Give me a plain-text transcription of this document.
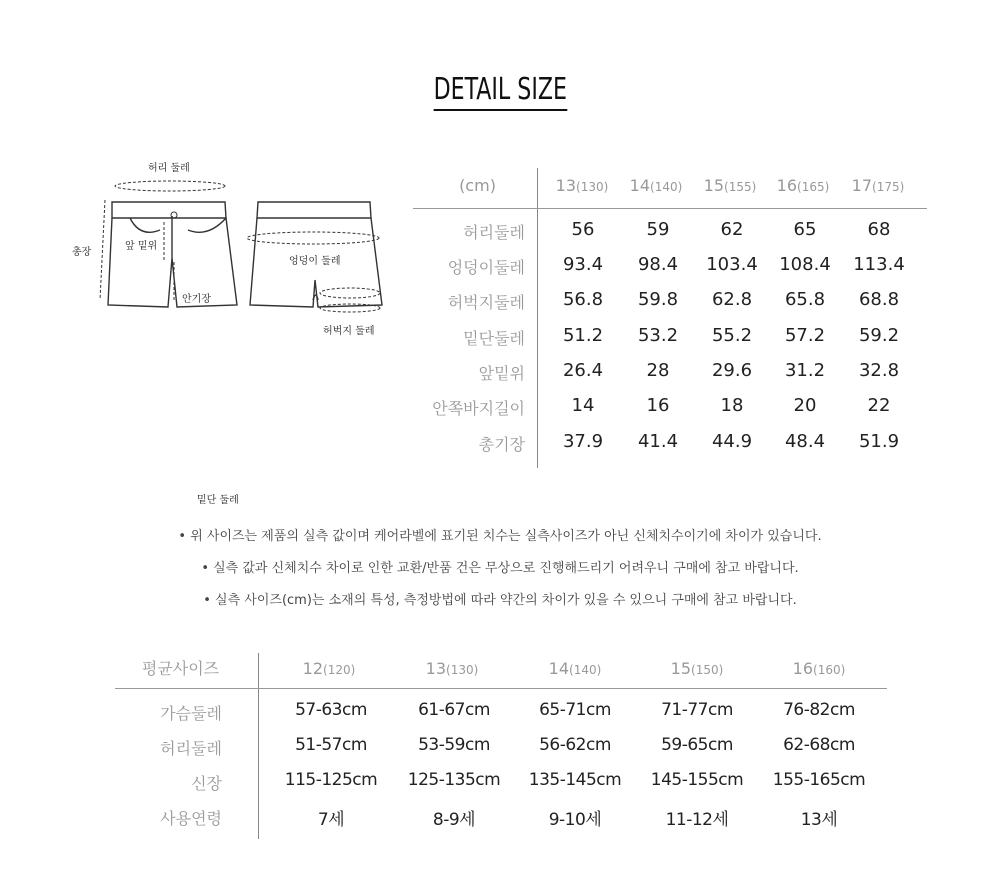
DETAIL SIZE
허리 둘레
총장
앞 밑위
안기장
엉덩이 둘레
허벅지 둘레
(cm)	13(130)	14(140)	15(155)	16(165)	17(175)
허리둘레	56	59	62	65	68
엉덩이둘레	93.4	98.4	103.4	108.4	113.4
허벅지둘레	56.8	59.8	62.8	65.8	68.8
밑단둘레	51.2	53.2	55.2	57.2	59.2
앞밑위	26.4	28	29.6	31.2	32.8
안쪽바지길이	14	16	18	20	22
총기장	37.9	41.4	44.9	48.4	51.9
밑단 둘레
• 위 사이즈는 제품의 실측 값이며 케어라벨에 표기된 치수는 실측사이즈가 아닌 신체치수이기에 차이가 있습니다.
• 실측 값과 신체치수 차이로 인한 교환/반품 건은 무상으로 진행해드리기 어려우니 구매에 참고 바랍니다.
• 실측 사이즈(cm)는 소재의 특성, 측정방법에 따라 약간의 차이가 있을 수 있으니 구매에 참고 바랍니다.
평균사이즈	12(120)	13(130)	14(140)	15(150)	16(160)
가슴둘레	57-63cm	61-67cm	65-71cm	71-77cm	76-82cm
허리둘레	51-57cm	53-59cm	56-62cm	59-65cm	62-68cm
신장	115-125cm	125-135cm	135-145cm	145-155cm	155-165cm
사용연령	7세	8-9세	9-10세	11-12세	13세
